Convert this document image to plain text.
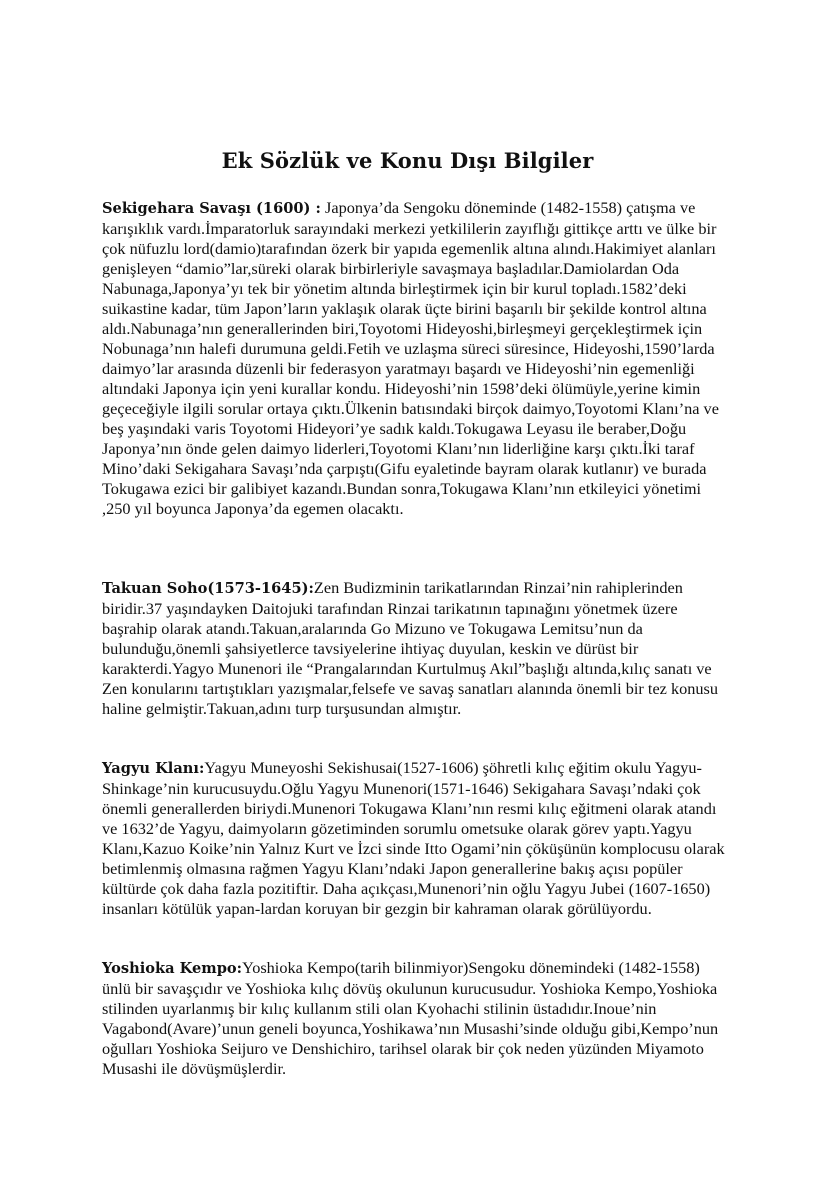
Ek Sözlük ve Konu Dışı Bilgiler

Sekigehara Savaşı (1600) : Japonya’da Sengoku döneminde (1482-1558) çatışma ve karışıklık vardı.İmparatorluk sarayındaki merkezi yetkililerin zayıflığı gittikçe arttı ve ülke bir çok nüfuzlu lord(damio)tarafından özerk bir yapıda egemenlik altına alındı.Hakimiyet alanları genişleyen “damio”lar,süreki olarak birbirleriyle savaşmaya başladılar.Damiolardan Oda Nabunaga,Japonya’yı tek bir yönetim altında birleştirmek için bir kurul topladı.1582’deki suikastine kadar, tüm Japon’ların yaklaşık olarak üçte birini başarılı bir şekilde kontrol altına aldı.Nabunaga’nın generallerinden biri,Toyotomi Hideyoshi,birleşmeyi gerçekleştirmek için Nobunaga’nın halefi durumuna geldi.Fetih ve uzlaşma süreci süresince, Hideyoshi,1590’larda daimyo’lar arasında düzenli bir federasyon yaratmayı başardı ve Hideyoshi’nin egemenliği altındaki Japonya için yeni kurallar kondu. Hideyoshi’nin 1598’deki ölümüyle,yerine kimin geçeceğiyle ilgili sorular ortaya çıktı.Ülkenin batısındaki birçok daimyo,Toyotomi Klanı’na ve beş yaşındaki varis Toyotomi Hideyori’ye sadık kaldı.Tokugawa Leyasu ile beraber,Doğu Japonya’nın önde gelen daimyo liderleri,Toyotomi Klanı’nın liderliğine karşı çıktı.İki taraf Mino’daki Sekigahara Savaşı’nda çarpıştı(Gifu eyaletinde bayram olarak kutlanır) ve burada Tokugawa ezici bir galibiyet kazandı.Bundan sonra,Tokugawa Klanı’nın etkileyici yönetimi ,250 yıl boyunca Japonya’da egemen olacaktı.

Takuan Soho(1573-1645):Zen Budizminin tarikatlarından Rinzai’nin rahiplerinden biridir.37 yaşındayken Daitojuki tarafından Rinzai tarikatının tapınağını yönetmek üzere başrahip olarak atandı.Takuan,aralarında Go Mizuno ve Tokugawa Lemitsu’nun da bulunduğu,önemli şahsiyetlerce tavsiyelerine ihtiyaç duyulan, keskin ve dürüst bir karakterdi.Yagyo Munenori ile “Prangalarından Kurtulmuş Akıl”başlığı altında,kılıç sanatı ve Zen konularını tartıştıkları yazışmalar,felsefe ve savaş sanatları alanında önemli bir tez konusu haline gelmiştir.Takuan,adını turp turşusundan almıştır.

Yagyu Klanı:Yagyu Muneyoshi Sekishusai(1527-1606) şöhretli kılıç eğitim okulu Yagyu-Shinkage’nin kurucusuydu.Oğlu Yagyu Munenori(1571-1646) Sekigahara Savaşı’ndaki çok önemli generallerden biriydi.Munenori Tokugawa Klanı’nın resmi kılıç eğitmeni olarak atandı ve 1632’de Yagyu, daimyoların gözetiminden sorumlu ometsuke olarak görev yaptı.Yagyu Klanı,Kazuo Koike’nin Yalnız Kurt ve İzci sinde Itto Ogami’nin çöküşünün komplocusu olarak betimlenmiş olmasına rağmen Yagyu Klanı’ndaki Japon generallerine bakış açısı popüler kültürde çok daha fazla pozitiftir. Daha açıkçası,Munenori’nin oğlu Yagyu Jubei (1607-1650) insanları kötülük yapan-lardan koruyan bir gezgin bir kahraman olarak görülüyordu.

Yoshioka Kempo:Yoshioka Kempo(tarih bilinmiyor)Sengoku dönemindeki (1482-1558) ünlü bir savaşçıdır ve Yoshioka kılıç dövüş okulunun kurucusudur. Yoshioka Kempo,Yoshioka stilinden uyarlanmış bir kılıç kullanım stili olan Kyohachi stilinin üstadıdır.Inoue’nin Vagabond(Avare)’unun geneli boyunca,Yoshikawa’nın Musashi’sinde olduğu gibi,Kempo’nun oğulları Yoshioka Seijuro ve Denshichiro, tarihsel olarak bir çok neden yüzünden Miyamoto Musashi ile dövüşmüşlerdir.
